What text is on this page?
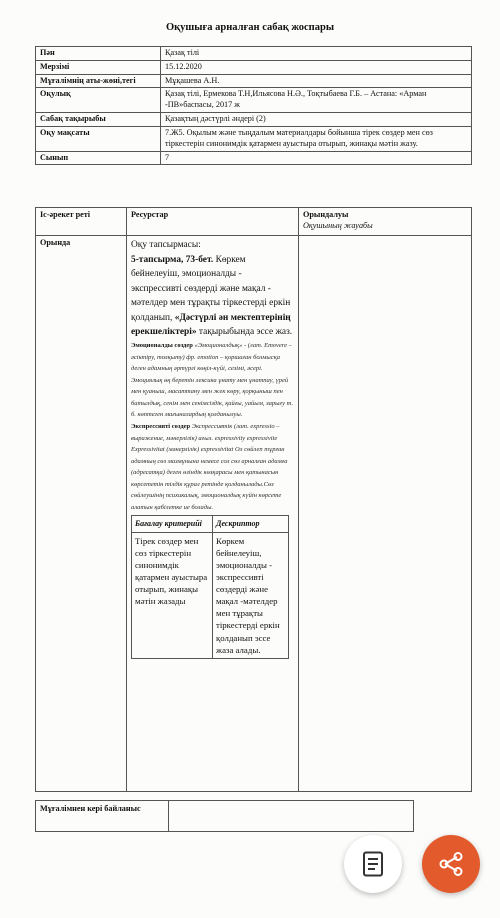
Оқушыға арналған сабақ жоспары
Пән	Қазақ тілі
Мерзімі	15.12.2020
Мұғалімнің аты-жөні,тегі	Мұқашева А.Н.
Оқулық	Қазақ тілі, Ермекова Т.Н,Ильясова Н.Ә., Тоқтыбаева Г.Б. – Астана: «Арман -ПВ»баспасы, 2017 ж
Сабақ тақырыбы	Қазақтың дәстүрлі әндері (2)
Оқу мақсаты	7.Ж5. Оқылым және тыңдалым материалдары бойынша тірек сөздер мен сөз тіркестерін синонимдік қатармен ауыстыра отырып, жинақы мәтін жазу.
Сынып	7
Іс-әрекет реті	Ресурстар	Орындалуы
Оқушының жауабы

Орында	Оқу тапсырмасы:
5-тапсырма, 73-бет. Көркем бейнелеуіш, эмоционалды - экспрессивті сөздерді және мақал - мәтелдер мен тұрақты тіркестерді еркін қолданып, «Дәстүрлі ән мектептерінің ерекшеліктері» тақырыбында эссе жаз.
Эмоционалды сөздер «Эмоционалдық» - (лат. Emovere – әсіктіру, толқыту) фр. emotion – қоршаған болмысқа деген адамның әртүрлі көңіл-күйі, сезімі, әсері. Эмоциялық өң беретін лексика ұнату мен ұнатпау, үрей мен қуаныш, масаттану мен жек көру, қорқыныш пен батылдық, сенім мен сенімсіздік, қайғы, уайым, зарығу т. б. көптеген мағыналардың қолданылуы.
Экспрессивті сөздер Экспрессивтік (лат. expressio – выражение, мәнерлілік) ағыл. expressivity expressivite Expressivitat (мәнерлілік) expressivitat Ол сөйлеп тұрған адамның сөз мазмұнына немесе сол сөз арналған адамға (адресатқа) деген өзіндік көзқарасы мен қатынасын көрсететін тілдік құрал ретінде қолданылады.Сөз сөйлеушінің психикалық, эмоционалдық күйін көрсете алатын қабілетке ие болады.
Бағалау критерийі	Дескриптор
Тірек сөздер мен сөз тіркестерін синонимдік қатармен ауыстыра отырып, жинақы мәтін жазады	Көркем бейнелеуіш, эмоционалды - экспрессивті сөздерді және мақал -мәтелдер мен тұрақты тіркестерді еркін қолданып эссе жаза алады.

Мұғалімнен кері байланыс	
